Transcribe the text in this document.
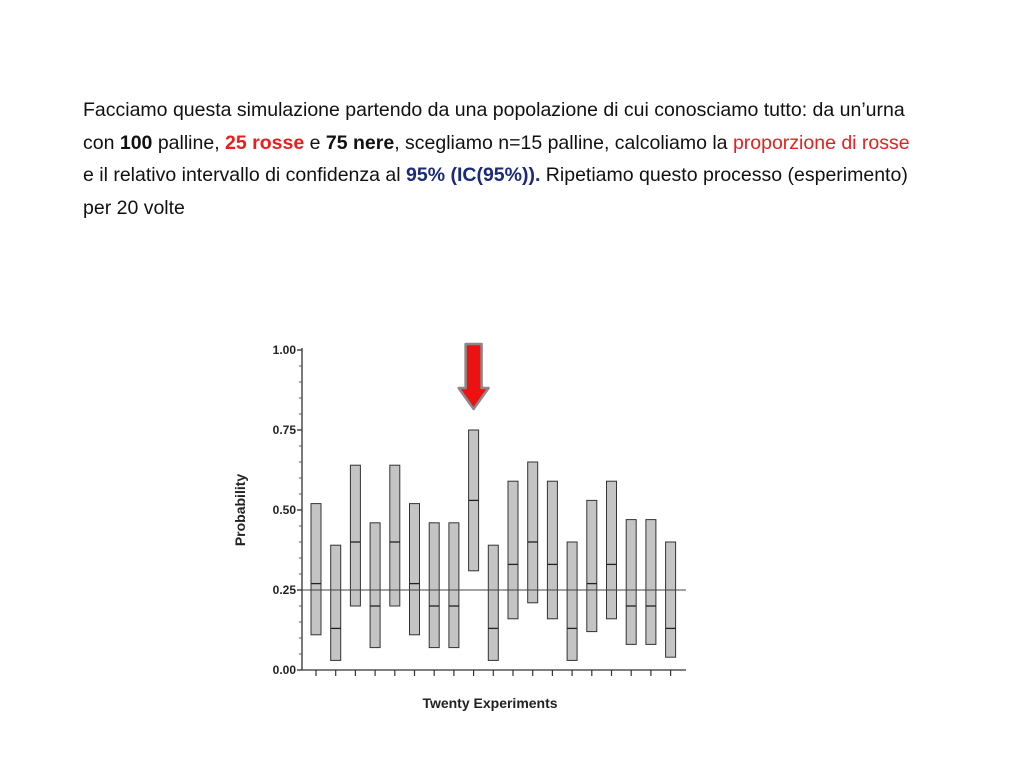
Facciamo questa simulazione partendo da una popolazione di cui conosciamo tutto: da un’urna con 100 palline, 25 rosse e 75 nere, scegliamo n=15 palline, calcoliamo la proporzione di rosse e il relativo intervallo di confidenza al 95% (IC(95%)). Ripetiamo questo processo (esperimento) per 20 volte

0.00
0.25
0.50
0.75
1.00
Probability
Twenty Experiments
